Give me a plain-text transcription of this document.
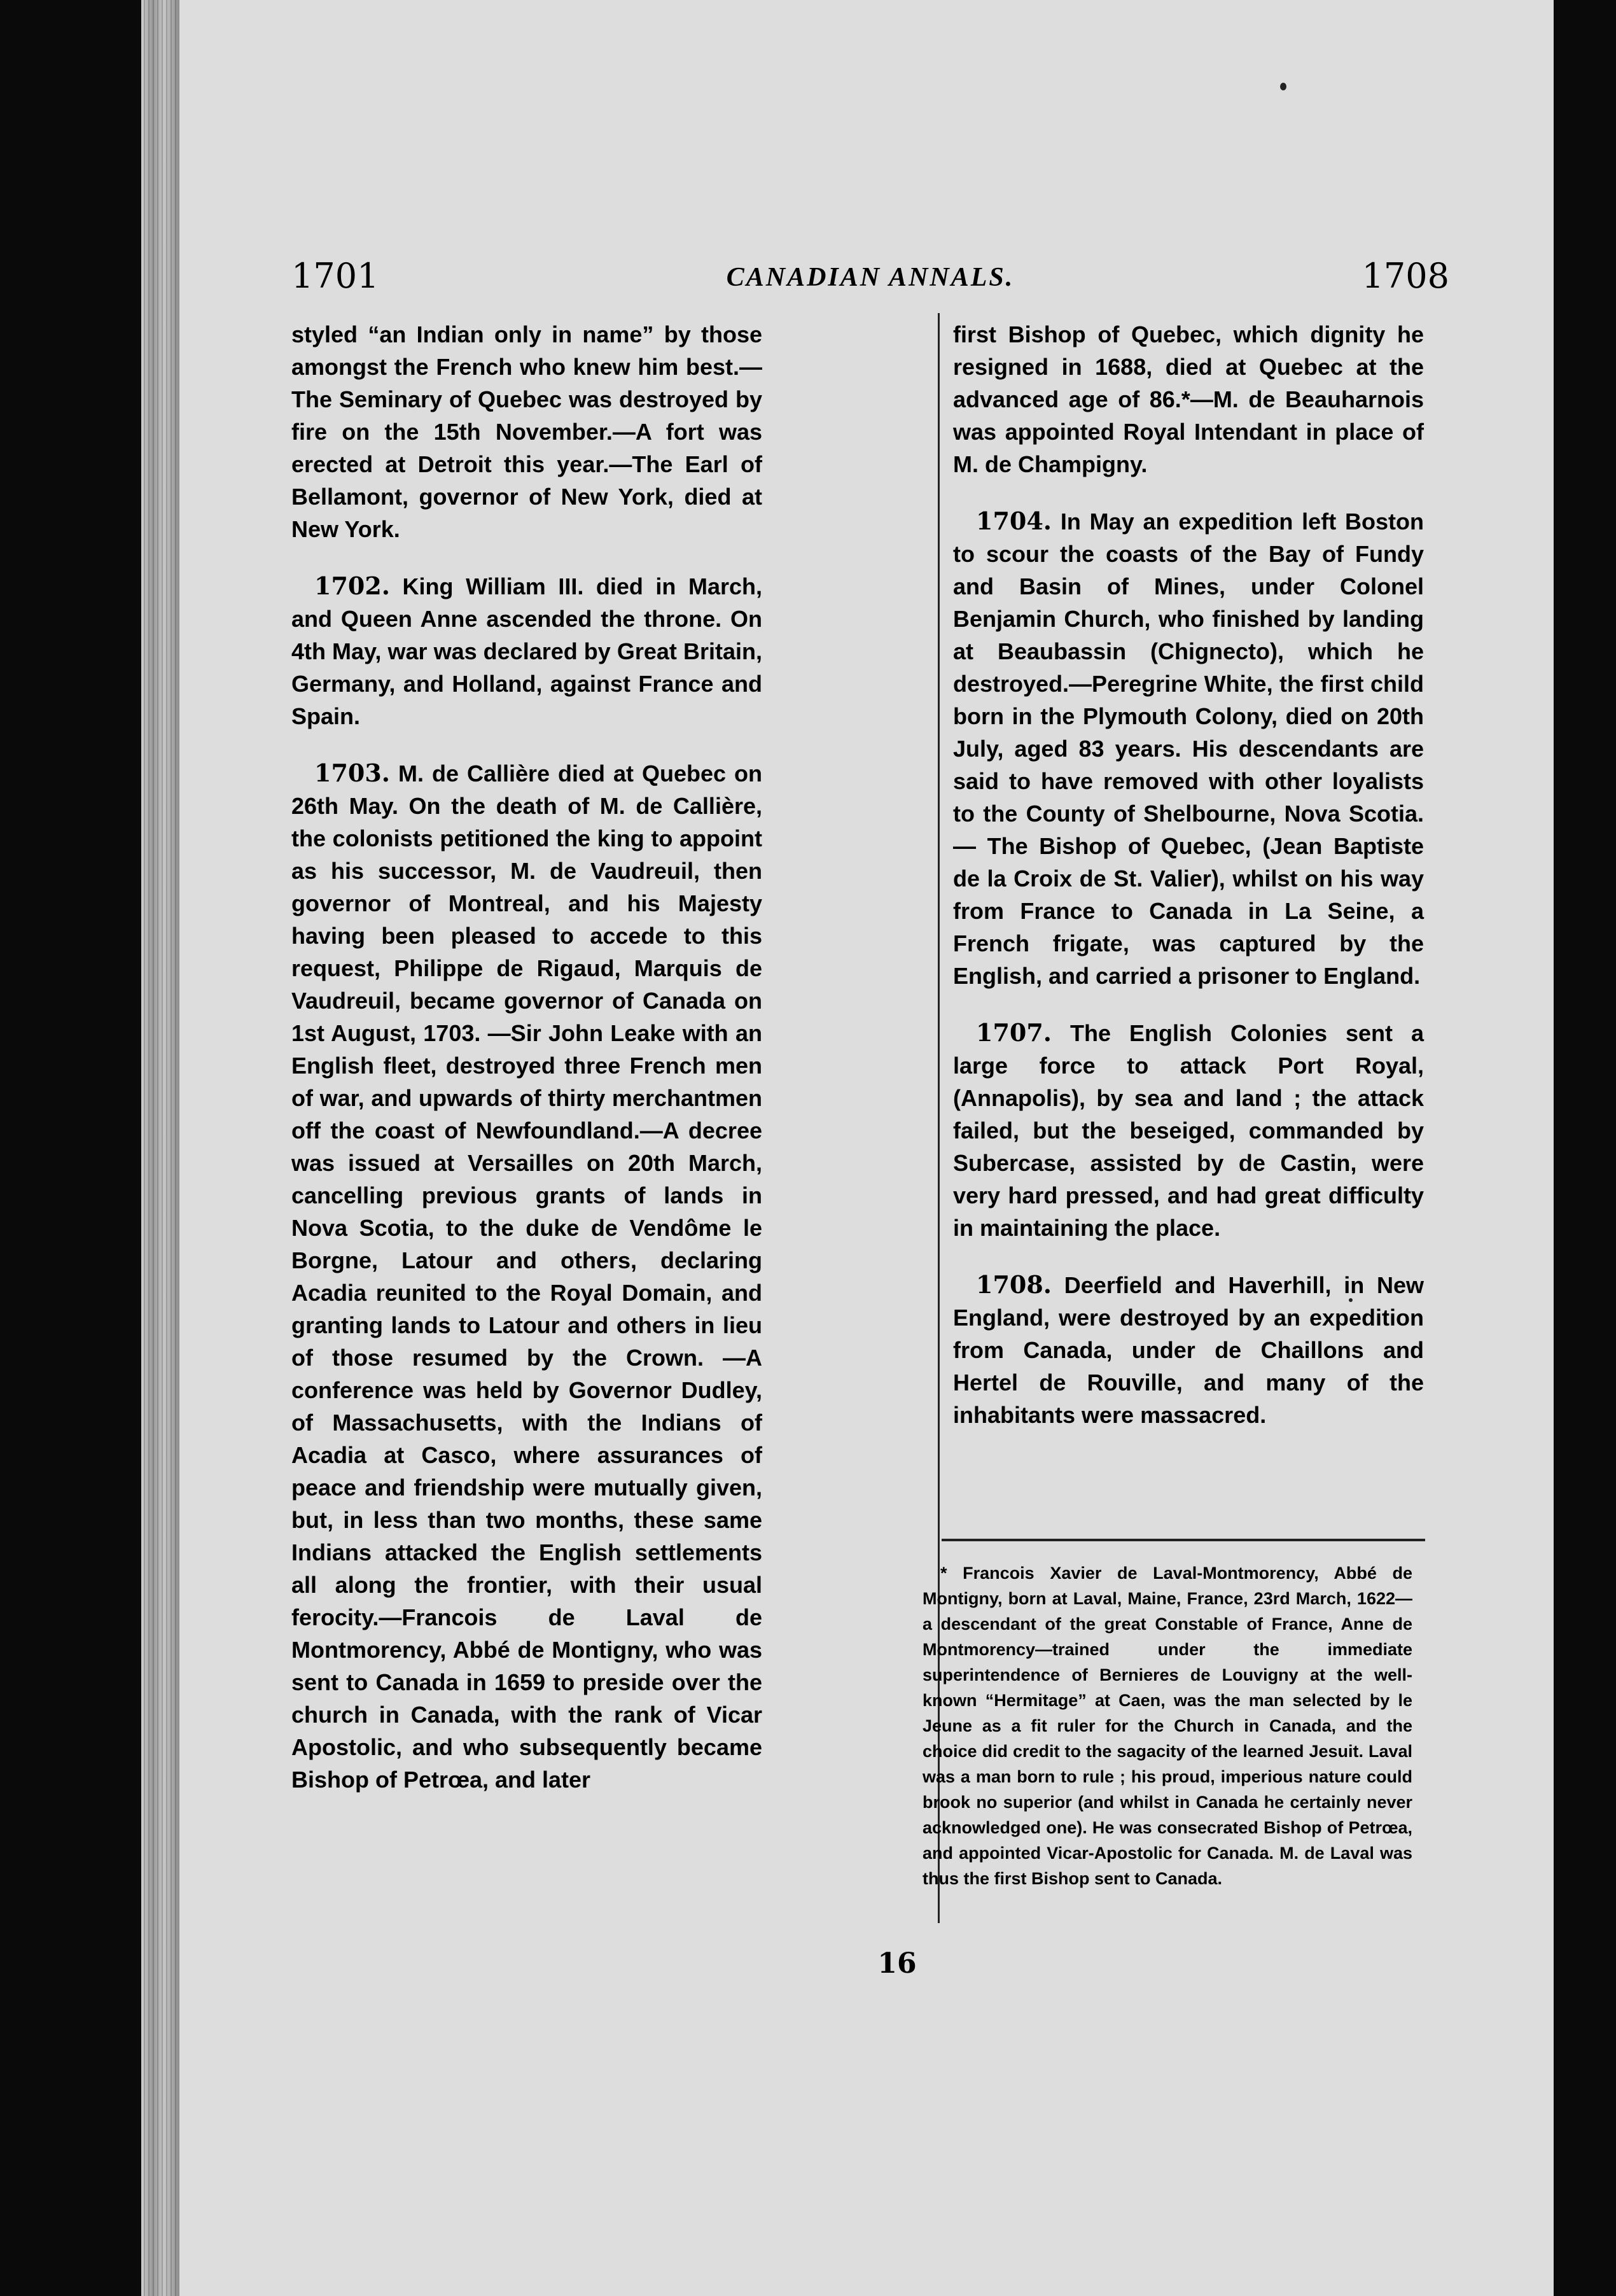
1701	CANADIAN ANNALS.	1708

styled “an Indian only in name” by those amongst the French who knew him best.—The Seminary of Quebec was destroyed by fire on the 15th November.—A fort was erected at Detroit this year.—The Earl of Bellamont, governor of New York, died at New York.

1702. King William III. died in March, and Queen Anne ascended the throne. On 4th May, war was declared by Great Britain, Germany, and Holland, against France and Spain.

1703. M. de Callière died at Quebec on 26th May. On the death of M. de Callière, the colonists petitioned the king to appoint as his successor, M. de Vaudreuil, then governor of Montreal, and his Majesty having been pleased to accede to this request, Philippe de Rigaud, Marquis de Vaudreuil, became governor of Canada on 1st August, 1703. —Sir John Leake with an English fleet, destroyed three French men of war, and upwards of thirty merchantmen off the coast of Newfoundland.—A decree was issued at Versailles on 20th March, cancelling previous grants of lands in Nova Scotia, to the duke de Vendôme le Borgne, Latour and others, declaring Acadia reunited to the Royal Domain, and granting lands to Latour and others in lieu of those resumed by the Crown. —A conference was held by Governor Dudley, of Massachusetts, with the Indians of Acadia at Casco, where assurances of peace and friendship were mutually given, but, in less than two months, these same Indians attacked the English settlements all along the frontier, with their usual ferocity.—Francois de Laval de Montmorency, Abbé de Montigny, who was sent to Canada in 1659 to preside over the church in Canada, with the rank of Vicar Apostolic, and who subsequently became Bishop of Petrœa, and later

first Bishop of Quebec, which dignity he resigned in 1688, died at Quebec at the advanced age of 86.*—M. de Beauharnois was appointed Royal Intendant in place of M. de Champigny.

1704. In May an expedition left Boston to scour the coasts of the Bay of Fundy and Basin of Mines, under Colonel Benjamin Church, who finished by landing at Beaubassin (Chignecto), which he destroyed.—Peregrine White, the first child born in the Plymouth Colony, died on 20th July, aged 83 years. His descendants are said to have removed with other loyalists to the County of Shelbourne, Nova Scotia. — The Bishop of Quebec, (Jean Baptiste de la Croix de St. Valier), whilst on his way from France to Canada in La Seine, a French frigate, was captured by the English, and carried a prisoner to England.

1707. The English Colonies sent a large force to attack Port Royal, (Annapolis), by sea and land ; the attack failed, but the beseiged, commanded by Subercase, assisted by de Castin, were very hard pressed, and had great difficulty in maintaining the place.

1708. Deerfield and Haverhill, in New England, were destroyed by an expedition from Canada, under de Chaillons and Hertel de Rouville, and many of the inhabitants were massacred.

* Francois Xavier de Laval-Montmorency, Abbé de Montigny, born at Laval, Maine, France, 23rd March, 1622—a descendant of the great Constable of France, Anne de Montmorency—trained under the immediate superintendence of Bernieres de Louvigny at the well-known “Hermitage” at Caen, was the man selected by le Jeune as a fit ruler for the Church in Canada, and the choice did credit to the sagacity of the learned Jesuit. Laval was a man born to rule ; his proud, imperious nature could brook no superior (and whilst in Canada he certainly never acknowledged one). He was consecrated Bishop of Petrœa, and appointed Vicar-Apostolic for Canada. M. de Laval was thus the first Bishop sent to Canada.
16
